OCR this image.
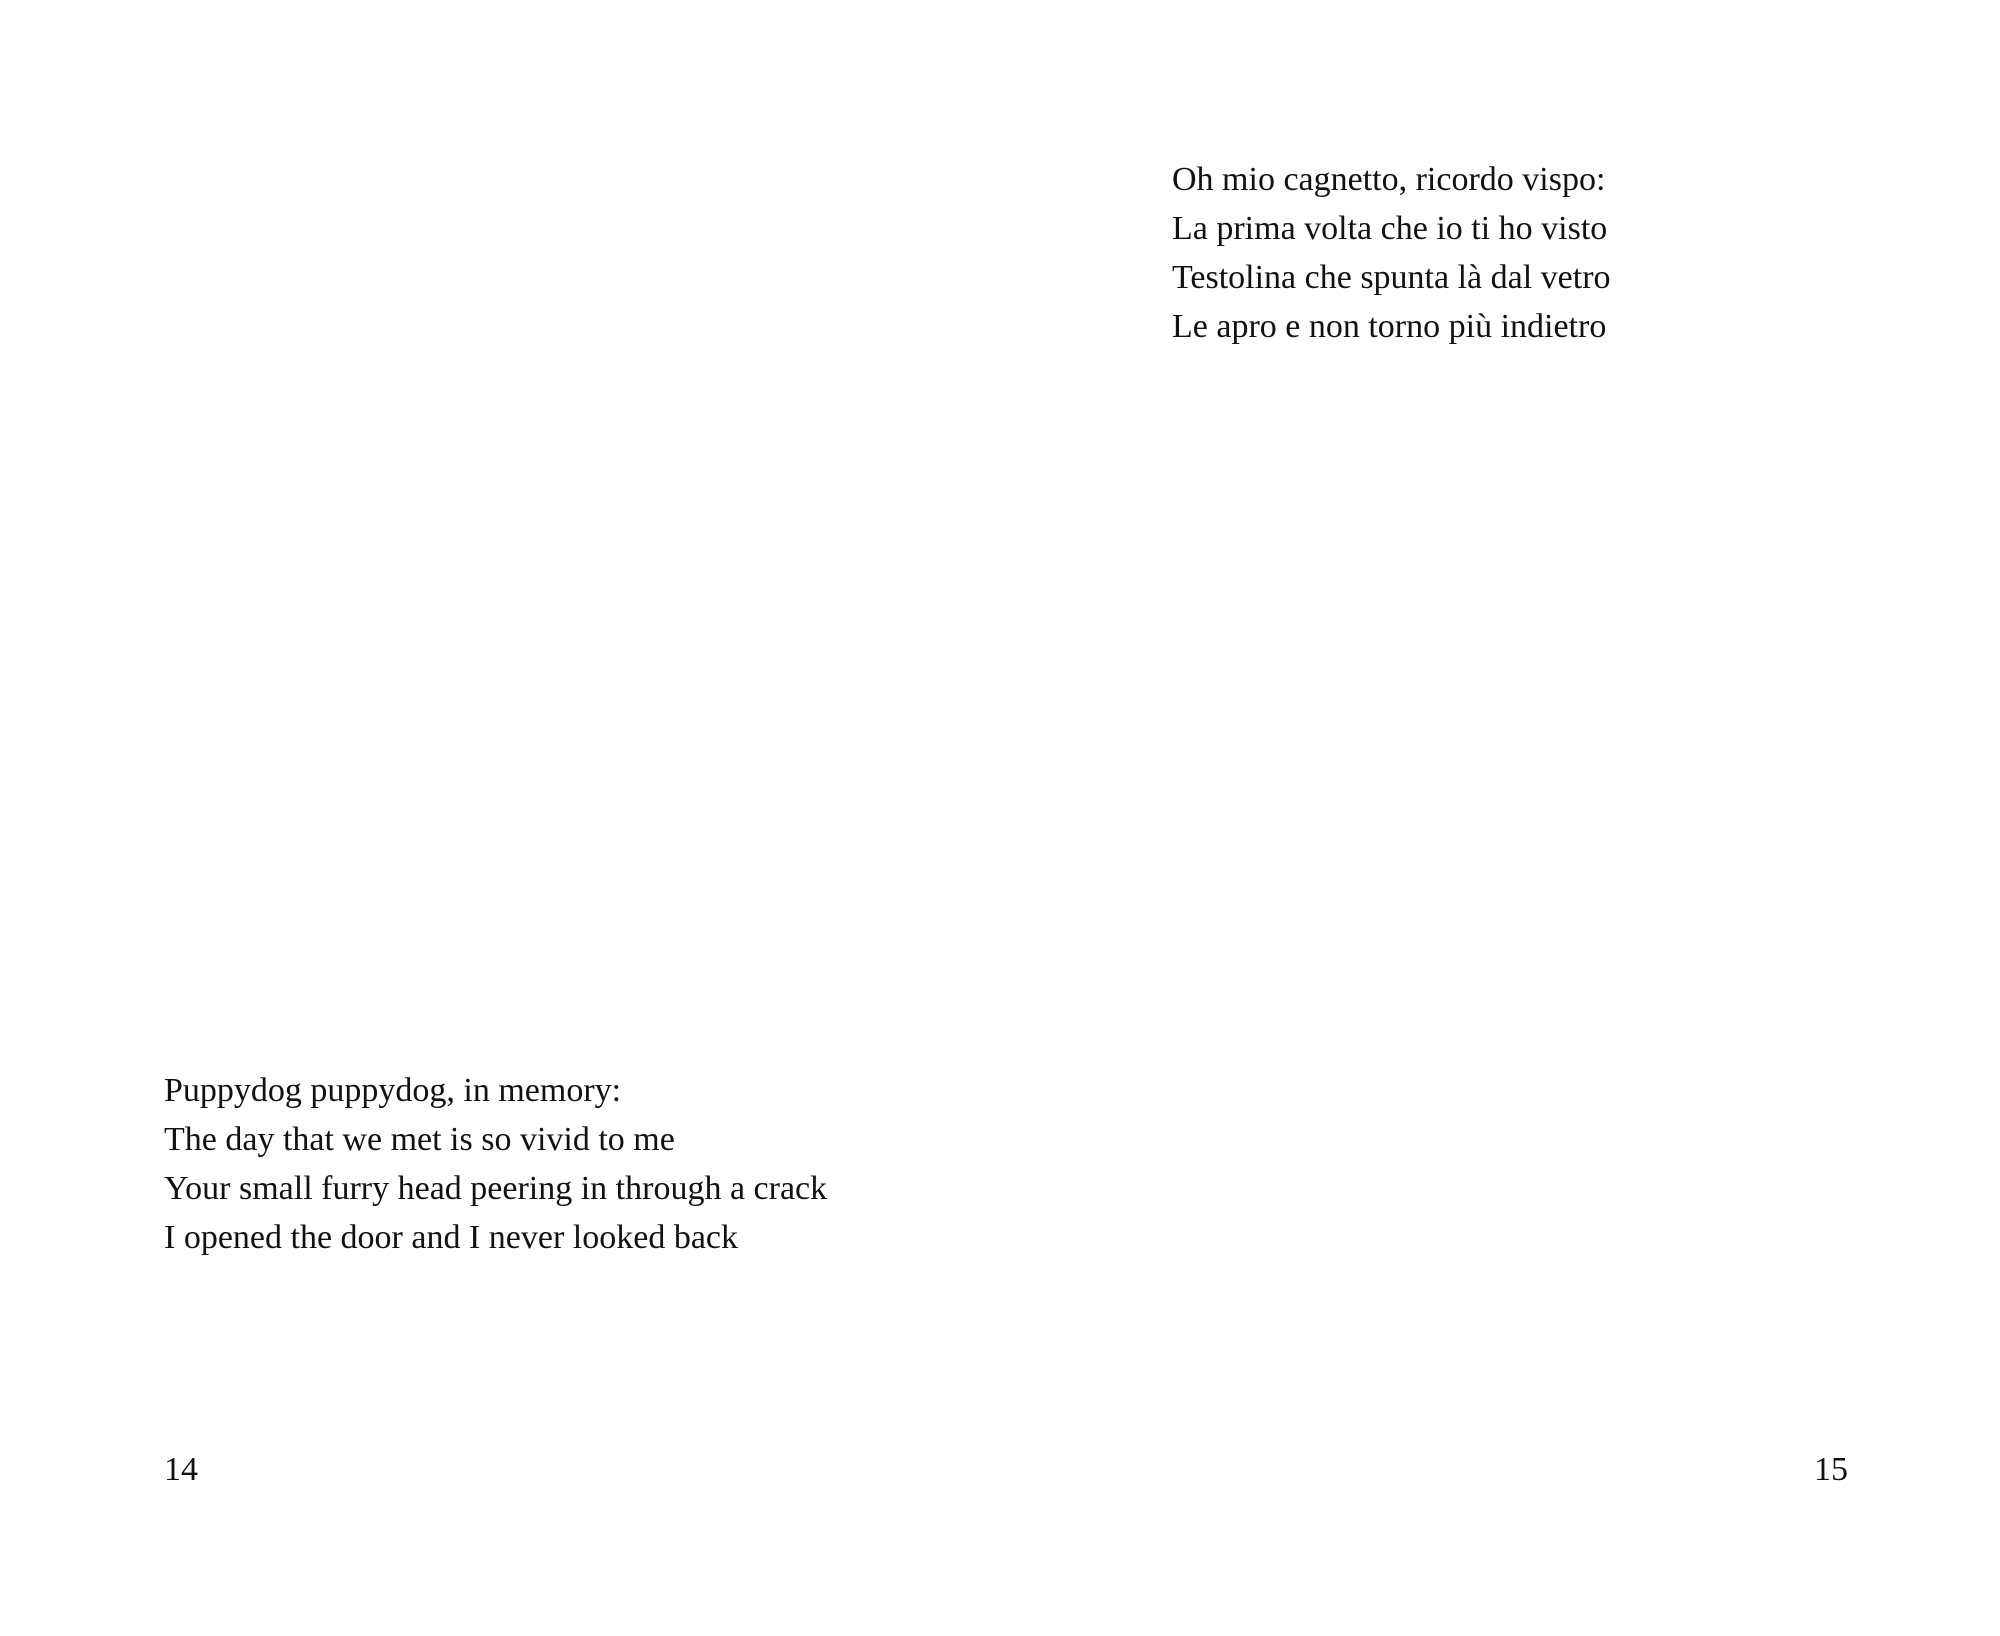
Puppydog puppydog, in memory:
The day that we met is so vivid to me
Your small furry head peering in through a crack
I opened the door and I never looked back
14
Oh mio cagnetto, ricordo vispo:
La prima volta che io ti ho visto
Testolina che spunta là dal vetro
Le apro e non torno più indietro
15
